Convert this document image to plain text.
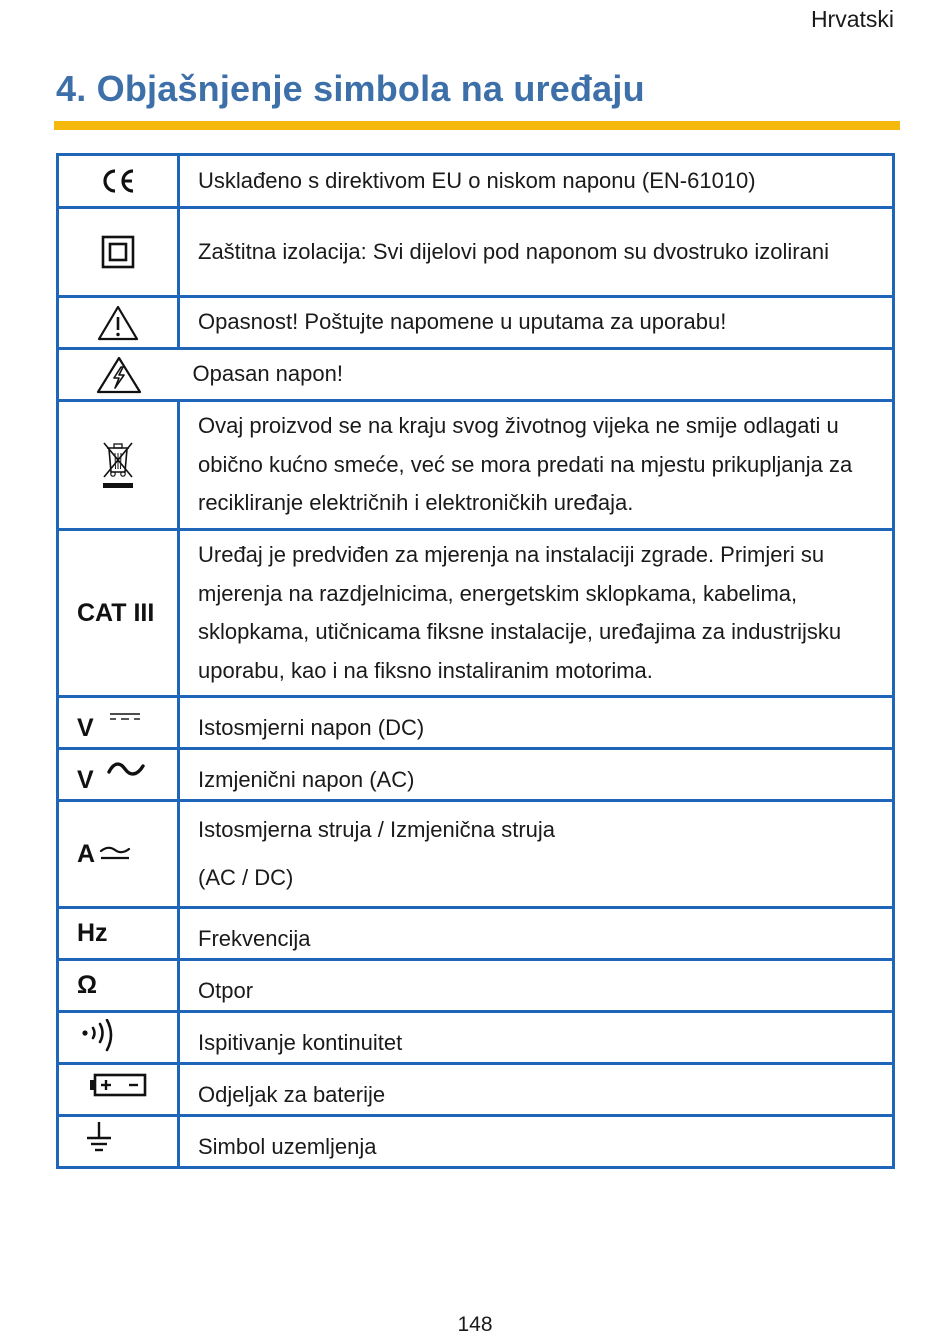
Hrvatski
4. Objašnjenje simbola na uređaju
	Usklađeno s direktivom EU o niskom naponu (EN-61010)

	Zaštitna izolacija: Svi dijelovi pod naponom su dvostruko izolirani

	Opasnost! Poštujte napomene u uputama za uporabu!

	Opasan napon!

	Ovaj proizvod se na kraju svog životnog vijeka ne smije odlagati u obično kućno smeće, već se mora predati na mjestu prikupljanja za recikliranje električnih i elektroničkih uređaja.

CAT III	Uređaj je predviđen za mjerenja na instalaciji zgrade. Primjeri su mjerenja na razdjelnicima, energetskim sklopkama, kabelima, sklopkama, utičnicama fiksne instalacije, uređajima za industrijsku uporabu, kao i na fiksno instaliranim motorima.

V	Istosmjerni napon (DC)

V	Izmjenični napon (AC)

A	Istosmjerna struja / Izmjenična struja
(AC / DC)

Hz	Frekvencija

Ω	Otpor

	Ispitivanje kontinuitet

	Odjeljak za baterije

	Simbol uzemljenja
148
